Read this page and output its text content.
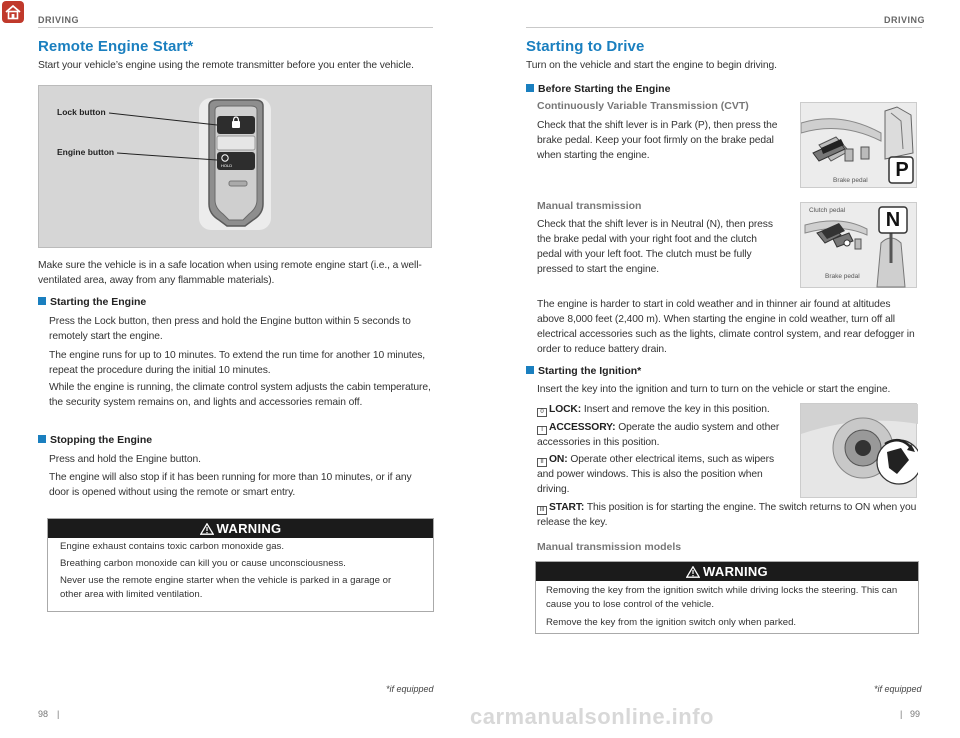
DRIVING
Remote Engine Start*
Start your vehicle’s engine using the remote transmitter before you enter the vehicle.
HOLD
Lock button
Engine button
Make sure the vehicle is in a safe location when using remote engine start (i.e., a well-ventilated area, away from any flammable materials).
Starting the Engine
Press the Lock button, then press and hold the Engine button within 5 seconds to remotely start the engine.
The engine runs for up to 10 minutes. To extend the run time for another 10 minutes, repeat the procedure during the initial 10 minutes.
While the engine is running, the climate control system adjusts the cabin temperature, the security system remains on, and lights and accessories remain off.
Stopping the Engine
Press and hold the Engine button.
The engine will also stop if it has been running for more than 10 minutes, or if any door is opened without using the remote or smart entry.
WARNING
Engine exhaust contains toxic carbon monoxide gas.
Breathing carbon monoxide can kill you or cause unconsciousness.
Never use the remote engine starter when the vehicle is parked in a garage or other area with limited ventilation.
*if equipped
98 |
DRIVING
Starting to Drive
Turn on the vehicle and start the engine to begin driving.
Before Starting the Engine
Continuously Variable Transmission (CVT)
Check that the shift lever is in Park (P), then press the brake pedal. Keep your foot firmly on the brake pedal when starting the engine.
P
Brake pedal
Manual transmission
Check that the shift lever is in Neutral (N), then press the brake pedal with your right foot and the clutch pedal with your left foot. The clutch must be fully pressed to start the engine.
N
Clutch pedal
Brake pedal
The engine is harder to start in cold weather and in thinner air found at altitudes above 8,000 feet (2,400 m). When starting the engine in cold weather, turn off all electrical accessories such as the lights, climate control system, and rear defogger in order to reduce battery drain.
Starting the Ignition*
Insert the key into the ignition and turn to turn on the vehicle or start the engine.
0 LOCK: Insert and remove the key in this position.
I ACCESSORY: Operate the audio system and other accessories in this position.
II ON: Operate other electrical items, such as wipers and power windows. This is also the position when driving.
III START: This position is for starting the engine. The switch returns to ON when you release the key.
Manual transmission models
WARNING
Removing the key from the ignition switch while driving locks the steering. This can cause you to lose control of the vehicle.
Remove the key from the ignition switch only when parked.
*if equipped
| 99
carmanualsonline.info
